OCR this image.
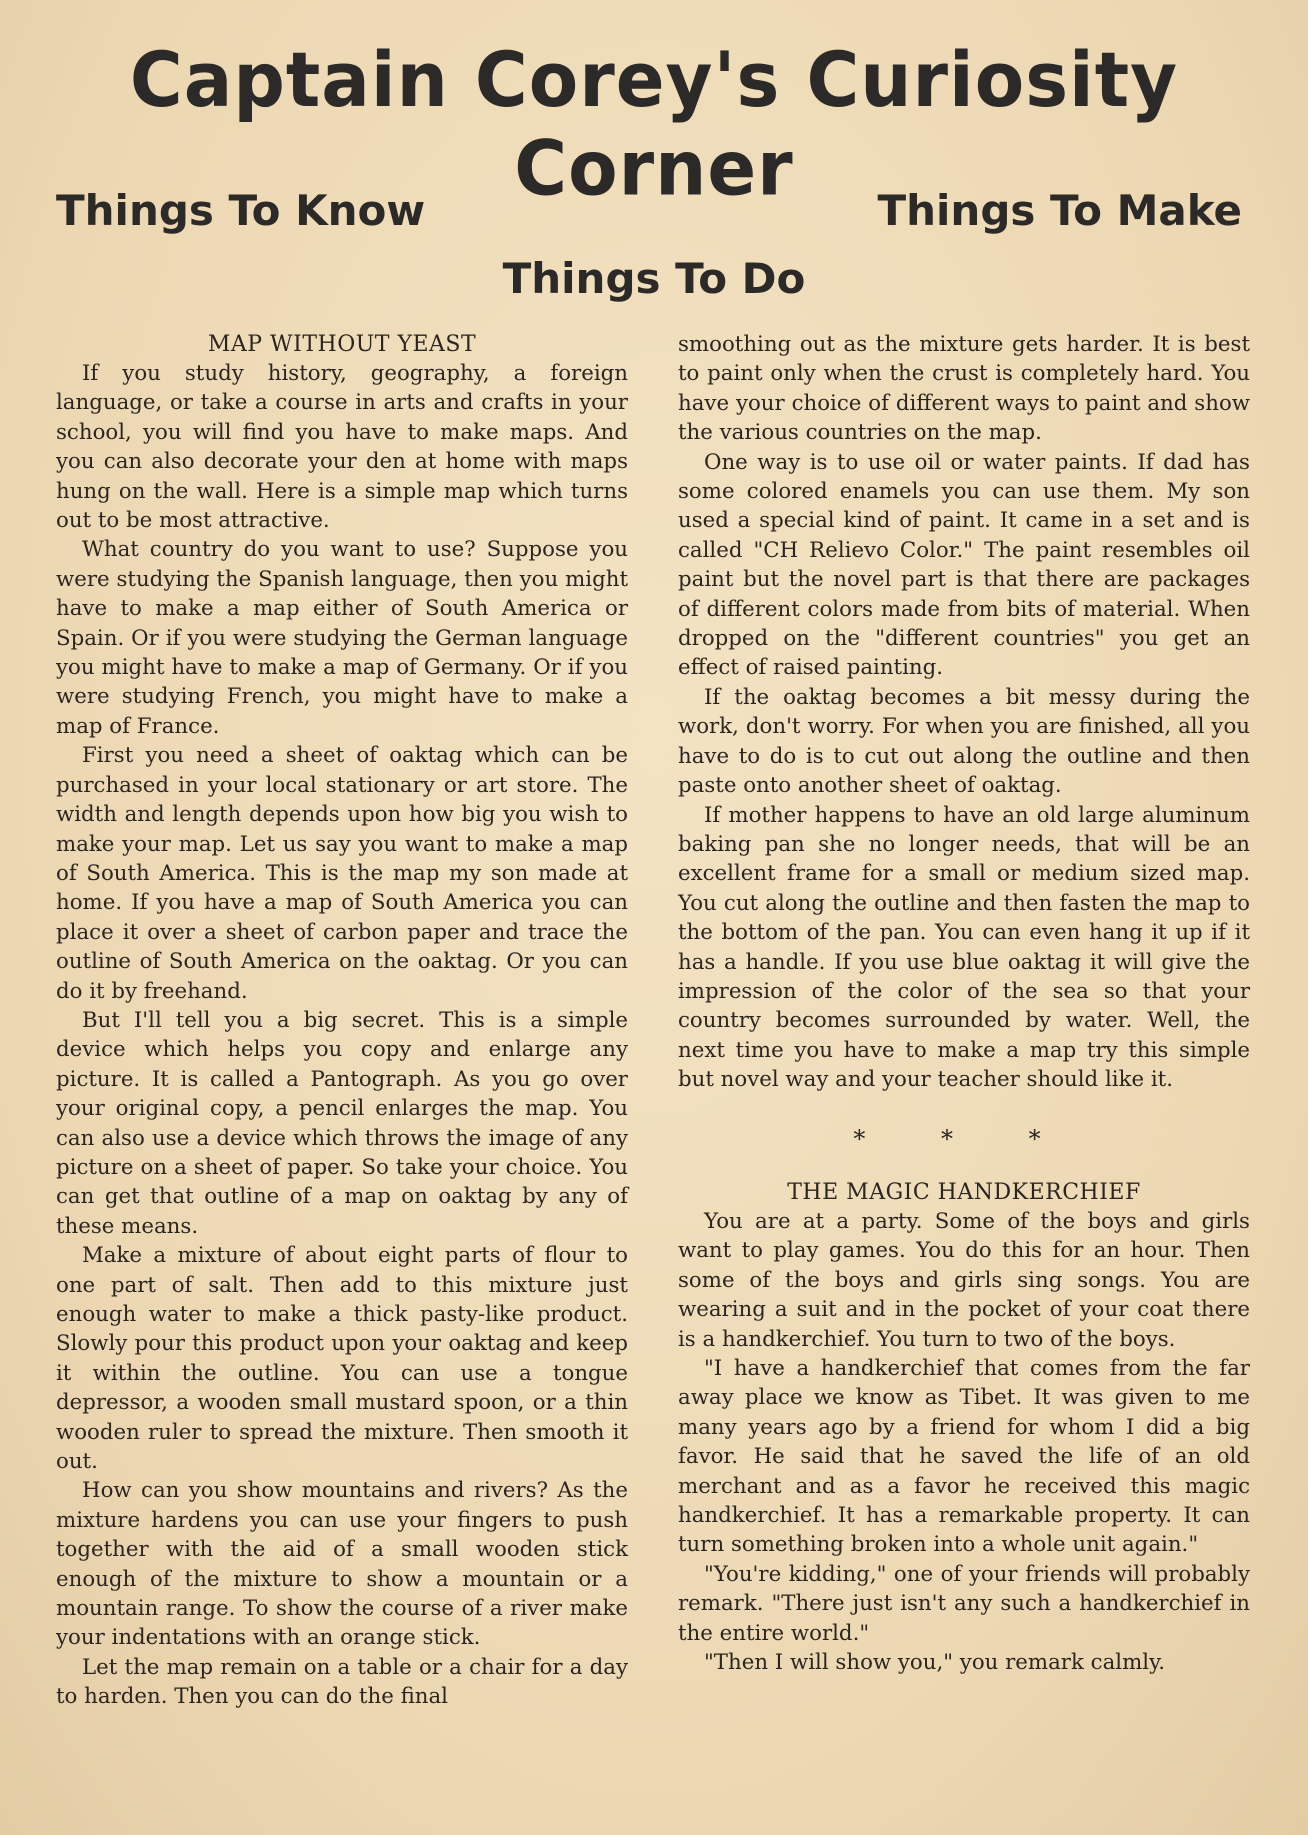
Captain Corey's Curiosity Corner
Things To Know	Things To Make
Things To Do
MAP WITHOUT YEAST

If you study history, geography, a foreign language, or take a course in arts and crafts in your school, you will find you have to make maps. And you can also decorate your den at home with maps hung on the wall. Here is a simple map which turns out to be most attractive.

What country do you want to use? Suppose you were studying the Spanish language, then you might have to make a map either of South America or Spain. Or if you were studying the German language you might have to make a map of Germany. Or if you were studying French, you might have to make a map of France.

First you need a sheet of oaktag which can be purchased in your local stationary or art store. The width and length depends upon how big you wish to make your map. Let us say you want to make a map of South America. This is the map my son made at home. If you have a map of South America you can place it over a sheet of carbon paper and trace the outline of South America on the oaktag. Or you can do it by freehand.

But I'll tell you a big secret. This is a simple device which helps you copy and enlarge any picture. It is called a Pantograph. As you go over your original copy, a pencil enlarges the map. You can also use a device which throws the image of any picture on a sheet of paper. So take your choice. You can get that outline of a map on oaktag by any of these means.

Make a mixture of about eight parts of flour to one part of salt. Then add to this mixture just enough water to make a thick pasty-like product. Slowly pour this product upon your oaktag and keep it within the outline. You can use a tongue depressor, a wooden small mustard spoon, or a thin wooden ruler to spread the mixture. Then smooth it out.

How can you show mountains and rivers? As the mixture hardens you can use your fingers to push together with the aid of a small wooden stick enough of the mixture to show a mountain or a mountain range. To show the course of a river make your indentations with an orange stick.

Let the map remain on a table or a chair for a day to harden. Then you can do the final

smoothing out as the mixture gets harder. It is best to paint only when the crust is completely hard. You have your choice of different ways to paint and show the various countries on the map.

One way is to use oil or water paints. If dad has some colored enamels you can use them. My son used a special kind of paint. It came in a set and is called "CH Relievo Color." The paint resembles oil paint but the novel part is that there are packages of different colors made from bits of material. When dropped on the "different countries" you get an effect of raised painting.

If the oaktag becomes a bit messy during the work, don't worry. For when you are finished, all you have to do is to cut out along the outline and then paste onto another sheet of oaktag.

If mother happens to have an old large aluminum baking pan she no longer needs, that will be an excellent frame for a small or medium sized map. You cut along the outline and then fasten the map to the bottom of the pan. You can even hang it up if it has a handle. If you use blue oaktag it will give the impression of the color of the sea so that your country becomes surrounded by water. Well, the next time you have to make a map try this simple but novel way and your teacher should like it.

* * *
THE MAGIC HANDKERCHIEF

You are at a party. Some of the boys and girls want to play games. You do this for an hour. Then some of the boys and girls sing songs. You are wearing a suit and in the pocket of your coat there is a handkerchief. You turn to two of the boys.

"I have a handkerchief that comes from the far away place we know as Tibet. It was given to me many years ago by a friend for whom I did a big favor. He said that he saved the life of an old merchant and as a favor he received this magic handkerchief. It has a remarkable property. It can turn something broken into a whole unit again."

"You're kidding," one of your friends will probably remark. "There just isn't any such a handkerchief in the entire world."

"Then I will show you," you remark calmly.
